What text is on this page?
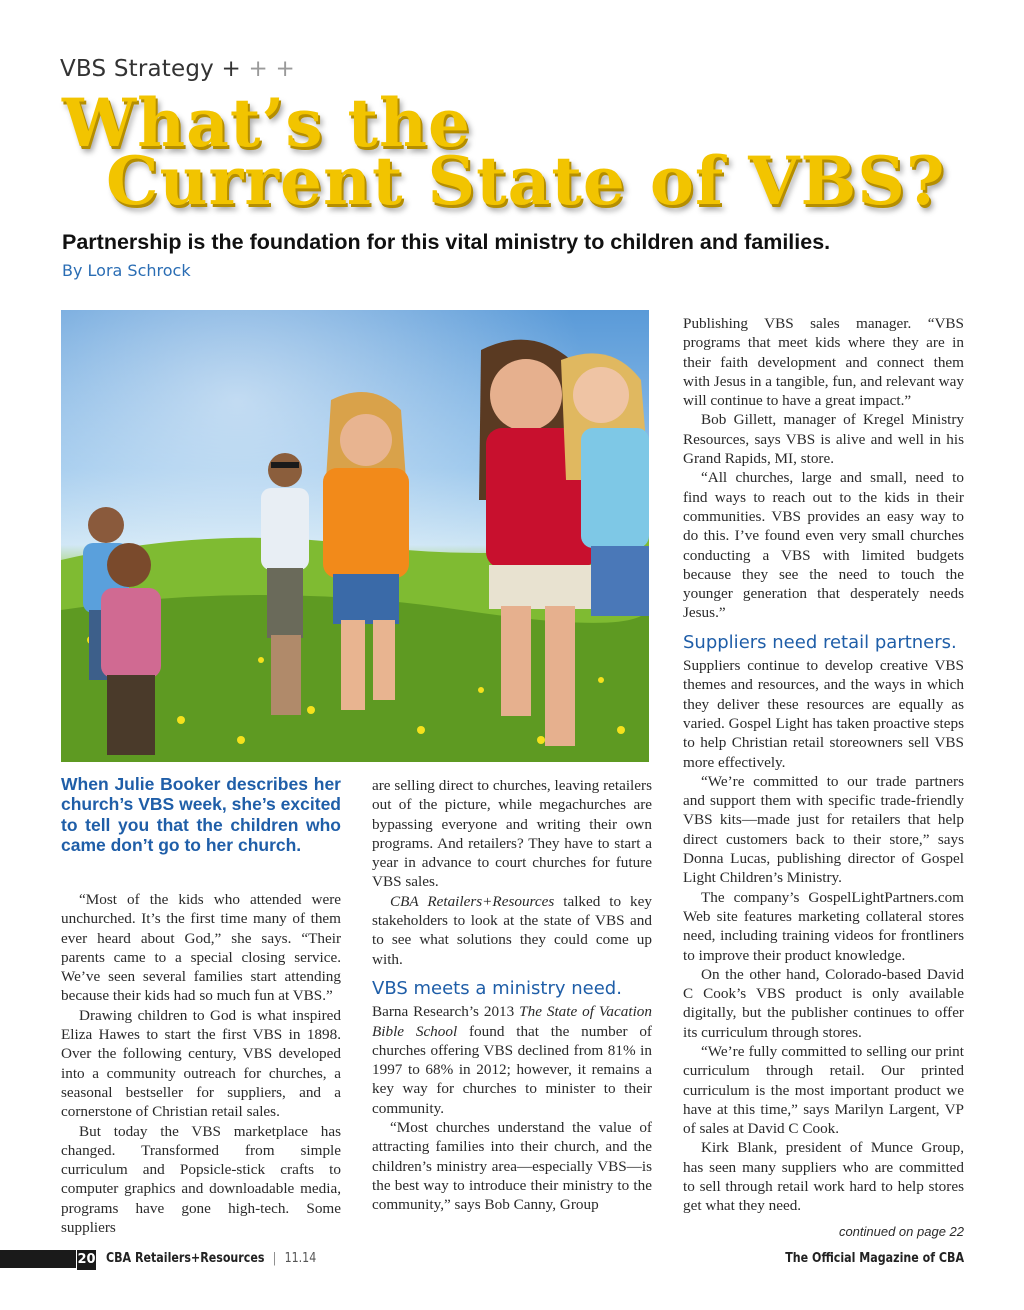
VBS Strategy + + +
What’s the
Current State of VBS?
Partnership is the foundation for this vital ministry to children and families.
By Lora Schrock
When Julie Booker describes her church’s VBS week, she’s excited to tell you that the children who came don’t go to her church.

“Most of the kids who attended were unchurched. It’s the first time many of them ever heard about God,” she says. “Their parents came to a special closing service. We’ve seen several families start attending because their kids had so much fun at VBS.”

Drawing children to God is what inspired Eliza Hawes to start the first VBS in 1898. Over the following century, VBS developed into a community outreach for churches, a seasonal bestseller for suppliers, and a cornerstone of Christian retail sales.

But today the VBS marketplace has changed. Transformed from simple curriculum and Popsicle-stick crafts to computer graphics and downloadable media, programs have gone high-tech. Some suppliers

are selling direct to churches, leaving retailers out of the picture, while megachurches are bypassing everyone and writing their own programs. And retailers? They have to start a year in advance to court churches for future VBS sales.

CBA Retailers+Resources talked to key stakeholders to look at the state of VBS and to see what solutions they could come up with.

VBS meets a ministry need.

Barna Research’s 2013 The State of Vacation Bible School found that the number of churches offering VBS declined from 81% in 1997 to 68% in 2012; however, it remains a key way for churches to minister to their community.

“Most churches understand the value of attracting families into their church, and the children’s ministry area—especially VBS—is the best way to introduce their ministry to the community,” says Bob Canny, Group

Publishing VBS sales manager. “VBS programs that meet kids where they are in their faith development and connect them with Jesus in a tangible, fun, and relevant way will continue to have a great impact.”

Bob Gillett, manager of Kregel Ministry Resources, says VBS is alive and well in his Grand Rapids, MI, store.

“All churches, large and small, need to find ways to reach out to the kids in their communities. VBS provides an easy way to do this. I’ve found even very small churches conducting a VBS with limited budgets because they see the need to touch the younger generation that desperately needs Jesus.”

Suppliers need retail partners.

Suppliers continue to develop creative VBS themes and resources, and the ways in which they deliver these resources are equally as varied. Gospel Light has taken proactive steps to help Christian retail storeowners sell VBS more effectively.

“We’re committed to our trade partners and support them with specific trade-friendly VBS kits—made just for retailers that help direct customers back to their store,” says Donna Lucas, publishing director of Gospel Light Children’s Ministry.

The company’s GospelLightPartners.com Web site features marketing collateral stores need, including training videos for frontliners to improve their product knowledge.

On the other hand, Colorado-based David C Cook’s VBS product is only available digitally, but the publisher continues to offer its curriculum through stores.

“We’re fully committed to selling our print curriculum through retail. Our printed curriculum is the most important product we have at this time,” says Marilyn Largent, VP of sales at David C Cook.

Kirk Blank, president of Munce Group, has seen many suppliers who are committed to sell through retail work hard to help stores get what they need.

continued on page 22

20 CBA Retailers+Resources | 11.14	The Official Magazine of CBA
